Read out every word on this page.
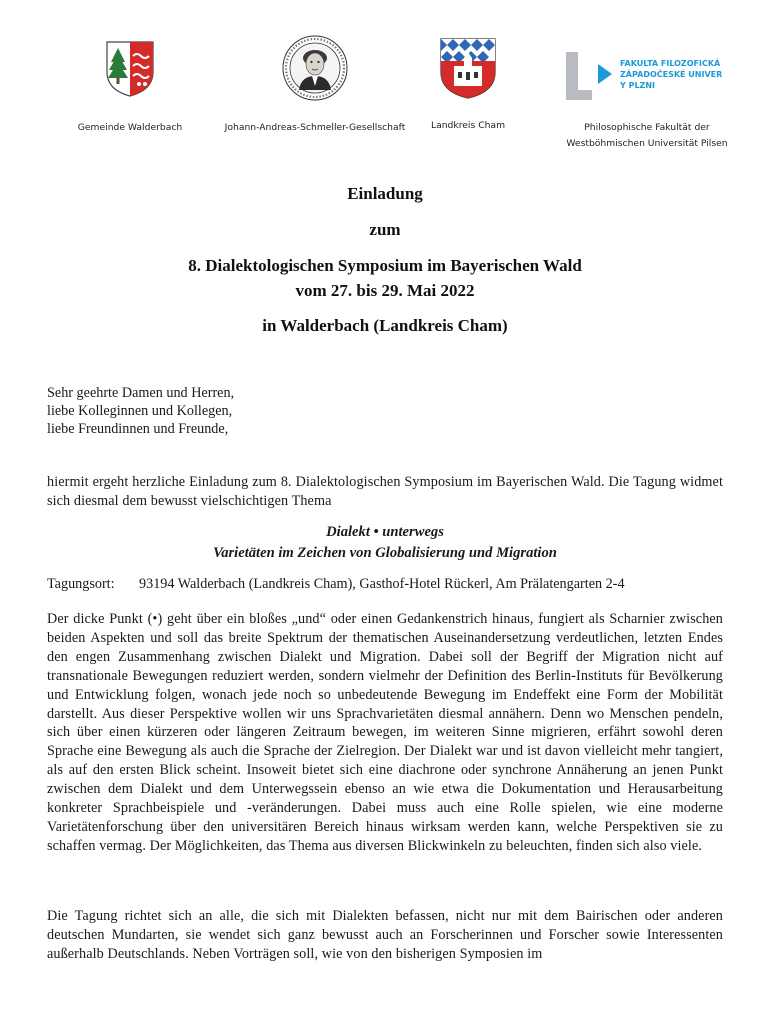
Gemeinde Walderbach	Johann-Andreas-Schmeller-Gesellschaft	Landkreis Cham
FAKULTA FILOZOFICKÁ
ZÁPADOČESKÉ UNIVER
Y PLZNI
Philosophische Fakultät der
Westböhmischen Universität Pilsen
Einladung
zum
8. Dialektologischen Symposium im Bayerischen Wald
vom 27. bis 29. Mai 2022
in Walderbach (Landkreis Cham)
Sehr geehrte Damen und Herren,
liebe Kolleginnen und Kollegen,
liebe Freundinnen und Freunde,
hiermit ergeht herzliche Einladung zum 8. Dialektologischen Symposium im Bayerischen Wald. Die Tagung widmet sich diesmal dem bewusst vielschichtigen Thema
Dialekt • unterwegs
Varietäten im Zeichen von Globalisierung und Migration
Tagungsort: 93194 Walderbach (Landkreis Cham), Gasthof-Hotel Rückerl, Am Prälatengarten 2-4
Der dicke Punkt (•) geht über ein bloßes „und“ oder einen Gedankenstrich hinaus, fungiert als Scharnier zwischen beiden Aspekten und soll das breite Spektrum der thematischen Auseinandersetzung verdeutlichen, letzten Endes den engen Zusammenhang zwischen Dialekt und Migration. Dabei soll der Begriff der Migration nicht auf transnationale Bewegungen reduziert werden, sondern vielmehr der Definition des Berlin-Instituts für Bevölkerung und Entwicklung folgen, wonach jede noch so unbedeutende Bewegung im Endeffekt eine Form der Mobilität darstellt. Aus dieser Perspektive wollen wir uns Sprachvarietäten diesmal annähern. Denn wo Menschen pendeln, sich über einen kürzeren oder längeren Zeitraum bewegen, im weiteren Sinne migrieren, erfährt sowohl deren Sprache eine Bewegung als auch die Sprache der Zielregion. Der Dialekt war und ist davon vielleicht mehr tangiert, als auf den ersten Blick scheint. Insoweit bietet sich eine diachrone oder synchrone Annäherung an jenen Punkt zwischen dem Dialekt und dem Unterwegssein ebenso an wie etwa die Dokumentation und Herausarbeitung konkreter Sprachbeispiele und -veränderungen. Dabei muss auch eine Rolle spielen, wie eine moderne Varietätenforschung über den universitären Bereich hinaus wirksam werden kann, welche Perspektiven sie zu schaffen vermag. Der Möglichkeiten, das Thema aus diversen Blickwinkeln zu beleuchten, finden sich also viele.
Die Tagung richtet sich an alle, die sich mit Dialekten befassen, nicht nur mit dem Bairischen oder anderen deutschen Mundarten, sie wendet sich ganz bewusst auch an Forscherinnen und Forscher sowie Interessenten außerhalb Deutschlands. Neben Vorträgen soll, wie von den bisherigen Symposien im
